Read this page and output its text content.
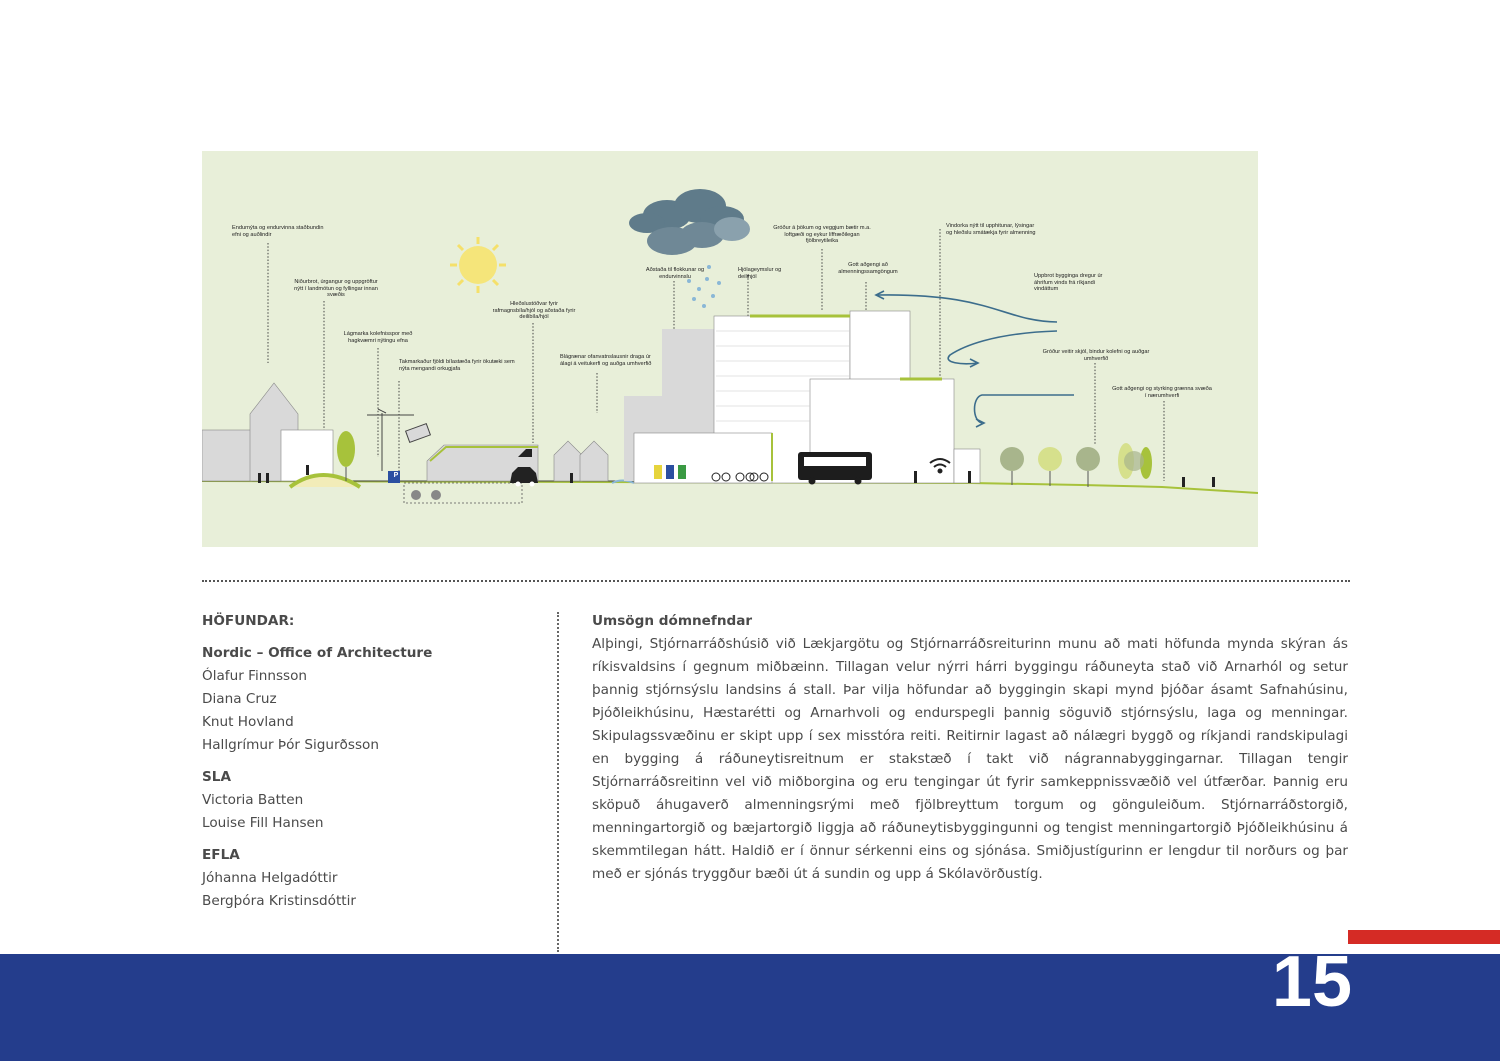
Endurnýta og endurvinna staðbundin efni og auðlindir
Niðurbrot, úrgangur og uppgröftur nýtt í landmótun og fyllingar innan svæðis
Lágmarka kolefnisspor með hagkvæmri nýtingu efna
Takmarkaður fjöldi bílastæða fyrir ökutæki sem nýta mengandi orkugjafa
Hleðslustöðvar fyrir rafmagnsbíla/hjól og aðstaða fyrir deilibíla/hjól
Blágrænar ofanvatnslausnir draga úr álagi á veitukerfi og auðga umhverfið
Aðstaða til flokkunar og endurvinnslu
Hjólageymslur og deilihjól
Gróður á þökum og veggjum bætir m.a. loftgæði og eykur líffræðilegan fjölbreytileika
Gott aðgengi að almenningssamgöngum
Vindorka nýtt til upphitunar, lýsingar og hleðslu smátækja fyrir almenning
Uppbrot byggingа dregur úr áhrifum vinds frá ríkjandi vindáttum
Gróður veitir skjól, bindur kolefni og auðgar umhverfið
Gott aðgengi og styrking grænna svæða í nærumhverfi
P
HÖFUNDAR:
Nordic – Office of Architecture
Ólafur Finnsson
Diana Cruz
Knut Hovland
Hallgrímur Þór Sigurðsson
SLA
Victoria Batten
Louise Fill Hansen
EFLA
Jóhanna Helgadóttir
Bergþóra Kristinsdóttir
Umsögn dómnefndar
Alþingi, Stjórnarráðshúsið við Lækjargötu og Stjórnarráðsreiturinn munu að mati höfunda mynda skýran ás ríkisvaldsins í gegnum miðbæinn. Tillagan velur nýrri hárri byggingu ráðuneyta stað við Arnarhól og setur þannig stjórnsýslu landsins á stall. Þar vilja höfundar að byggingin skapi mynd þjóðar ásamt Safnahúsinu, Þjóðleikhúsinu, Hæstarétti og Arnarhvoli og endurspegli þannig söguvið stjórnsýslu, laga og menningar. Skipulagssvæðinu er skipt upp í sex misstóra reiti. Reitirnir lagast að nálægri byggð og ríkjandi randskipulagi en bygging á ráðuneytisreitnum er stakstæð í takt við nágrannabyggingarnar. Tillagan tengir Stjórnarráðsreitinn vel við miðborgina og eru tengingar út fyrir samkeppnissvæðið vel útfærðar. Þannig eru sköpuð áhugaverð almenningsrými með fjölbreyttum torgum og gönguleiðum. Stjórnarráðstorgið, menningartorgið og bæjartorgið liggja að ráðuneytisbyggingunni og tengist menningartorgið Þjóðleikhúsinu á skemmtilegan hátt. Haldið er í önnur sérkenni eins og sjónása. Smiðjustígurinn er lengdur til norðurs og þar með er sjónás tryggður bæði út á sundin og upp á Skólavörðustíg.
15
